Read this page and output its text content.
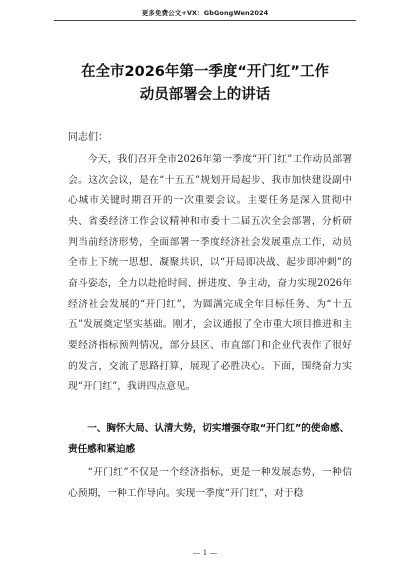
更多免费公文+VX：GbGongWen2024
在全市2026年第一季度“开门红”工作
动员部署会上的讲话
同志们：

今天，我们召开全市2026年第一季度“开门红”工作动员部署会。这次会议，是在“十五五”规划开局起步、我市加快建设副中心城市关键时期召开的一次重要会议。主要任务是深入贯彻中央、省委经济工作会议精神和市委十二届五次全会部署，分析研判当前经济形势，全面部署一季度经济社会发展重点工作，动员全市上下统一思想、凝聚共识，以“开局即决战、起步即冲刺”的奋斗姿态，全力以赴抢时间、拼进度、争主动，奋力实现2026年经济社会发展的“开门红”，为圆满完成全年目标任务、为“十五五”发展奠定坚实基础。刚才，会议通报了全市重大项目推进和主要经济指标预判情况，部分县区、市直部门和企业代表作了很好的发言，交流了思路打算，展现了必胜决心。下面，围绕奋力实现“开门红”，我讲四点意见。

一、胸怀大局、认清大势，切实增强夺取“开门红”的使命感、责任感和紧迫感

“开门红”不仅是一个经济指标，更是一种发展态势，一种信心预期，一种工作导向。实现一季度“开门红”，对于稳

— 1 —
